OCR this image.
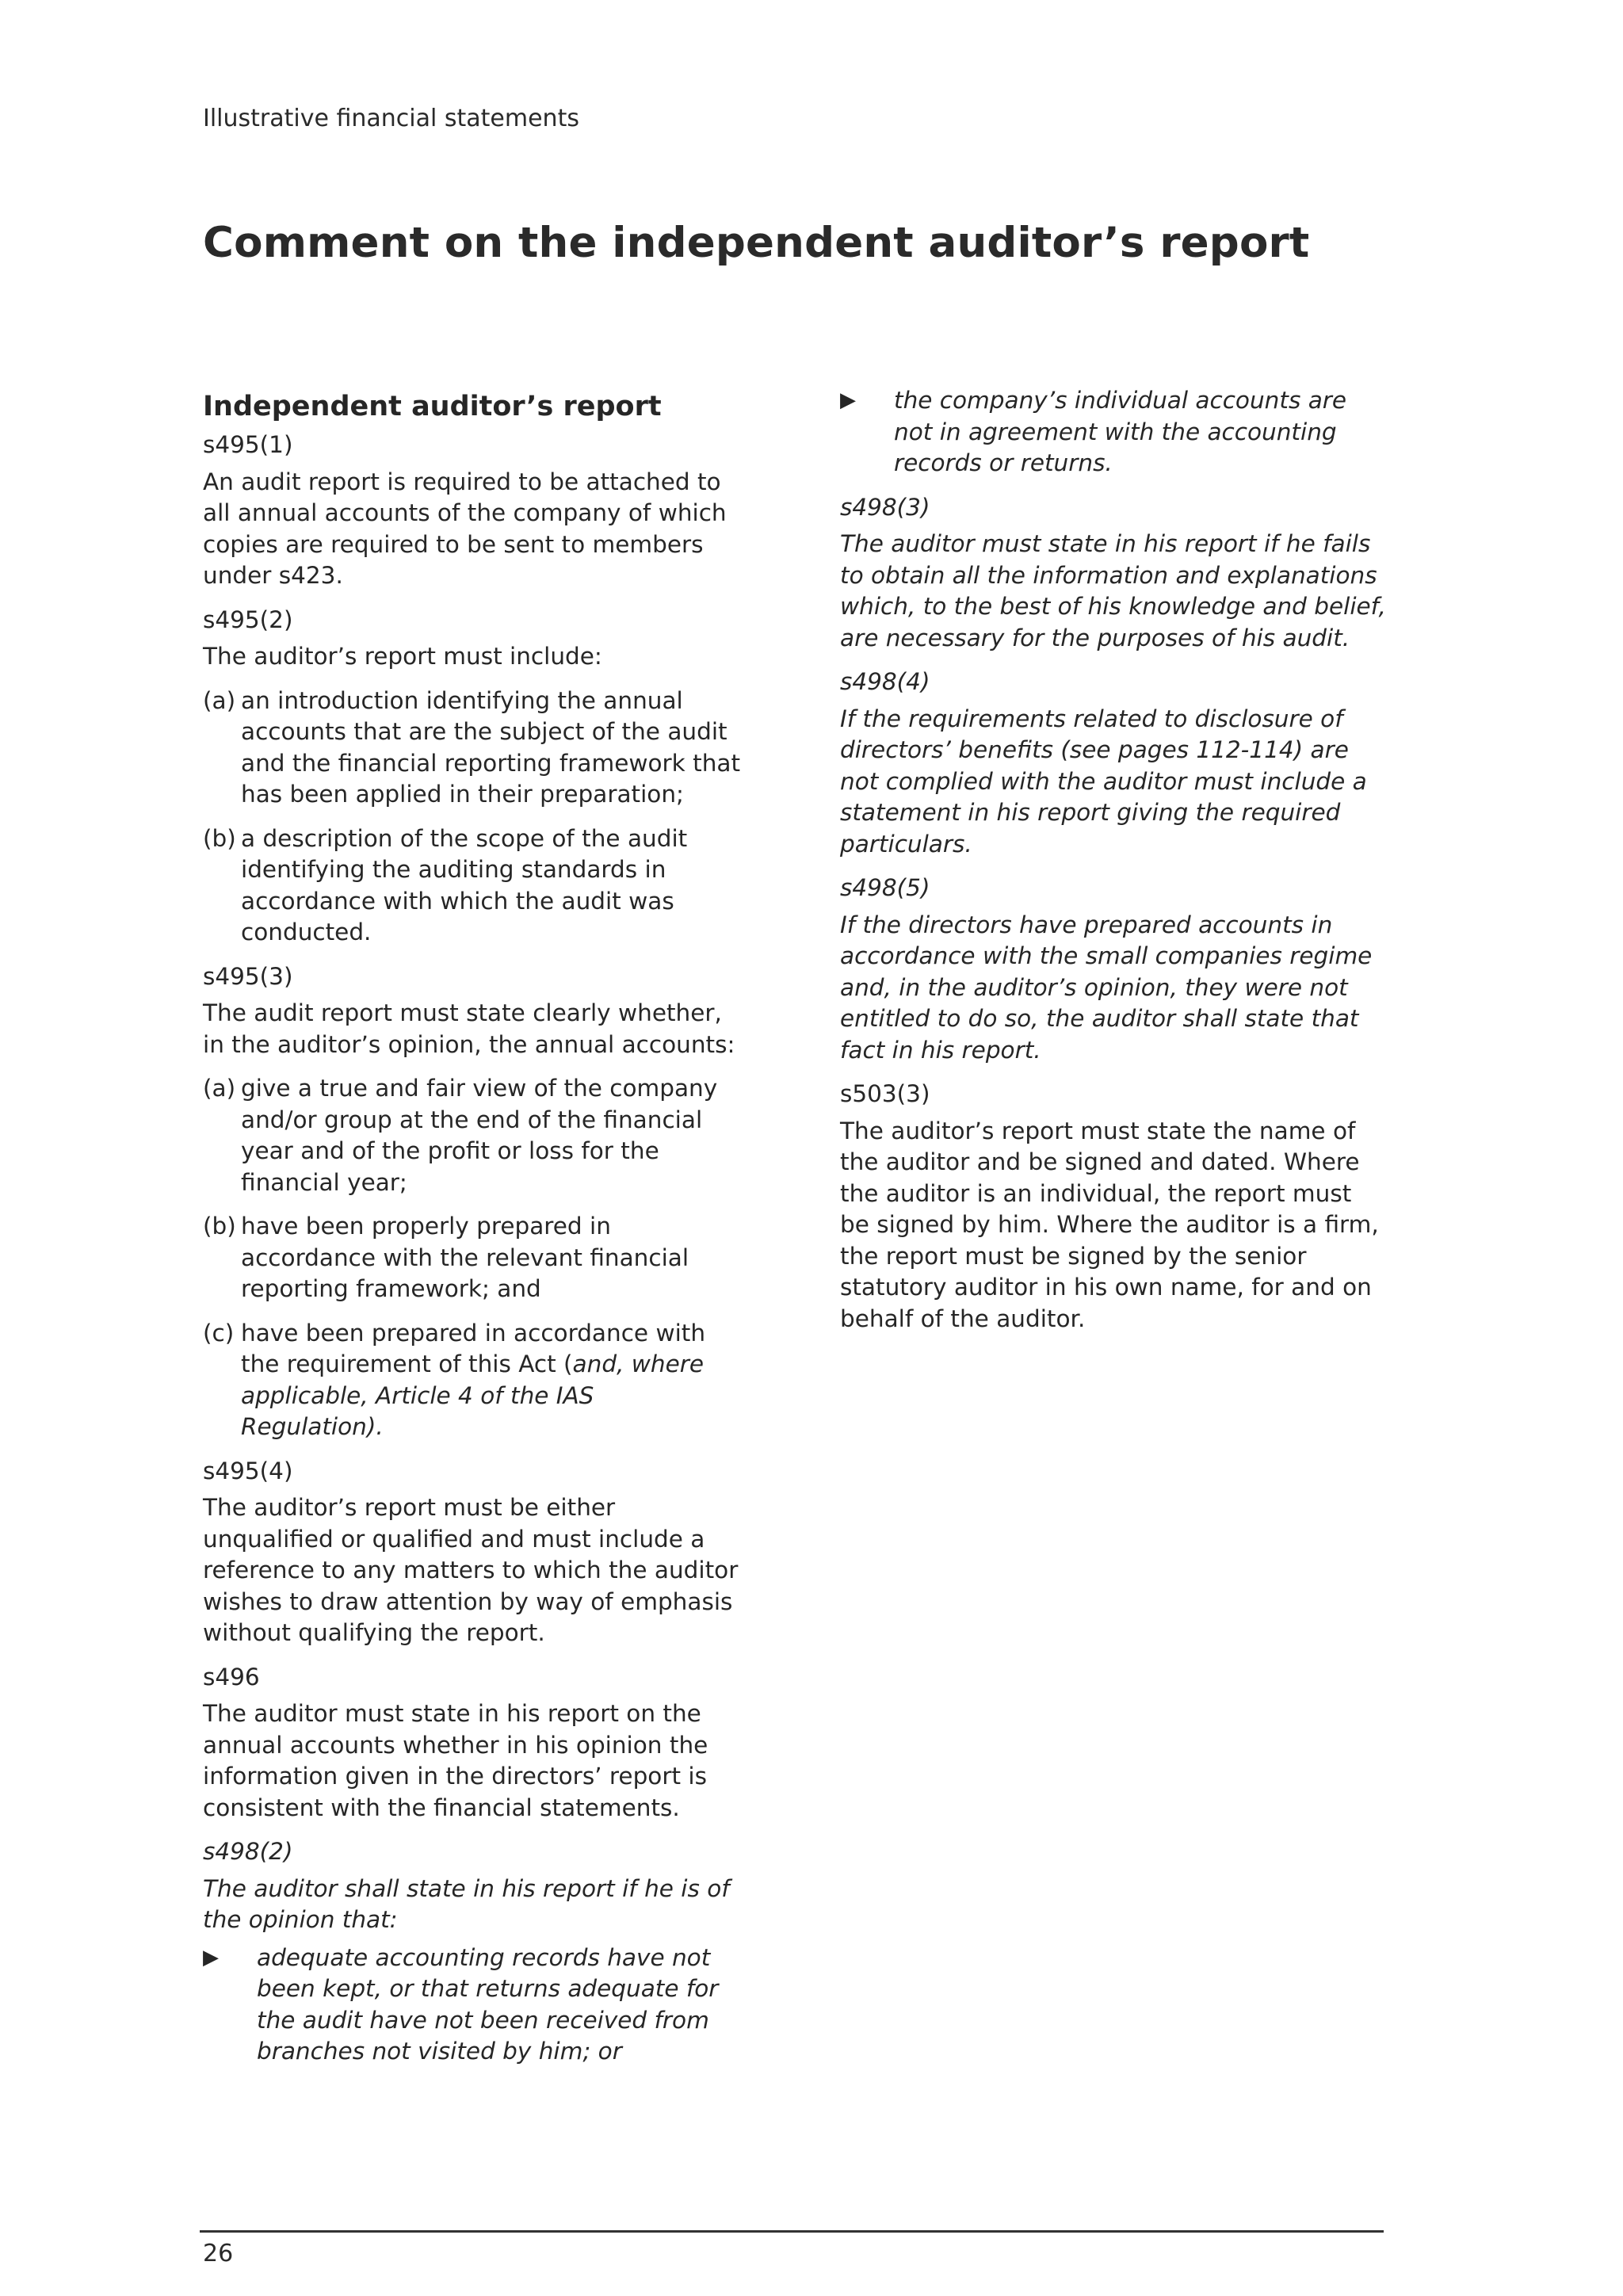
Illustrative financial statements
Comment on the independent auditor’s report
Independent auditor’s report
s495(1)

An audit report is required to be attached to all annual accounts of the company of which copies are required to be sent to members under s423.

s495(2)

The auditor’s report must include:

(a) an introduction identifying the annual accounts that are the subject of the audit and the financial reporting framework that has been applied in their preparation;
(b) a description of the scope of the audit identifying the auditing standards in accordance with which the audit was conducted.
s495(3)

The audit report must state clearly whether, in the auditor’s opinion, the annual accounts:

(a) give a true and fair view of the company and/or group at the end of the financial year and of the profit or loss for the financial year;
(b) have been properly prepared in accordance with the relevant financial reporting framework; and
(c) have been prepared in accordance with the requirement of this Act (and, where applicable, Article 4 of the IAS Regulation).
s495(4)

The auditor’s report must be either unqualified or qualified and must include a reference to any matters to which the auditor wishes to draw attention by way of emphasis without qualifying the report.

s496

The auditor must state in his report on the annual accounts whether in his opinion the information given in the directors’ report is consistent with the financial statements.

s498(2)

The auditor shall state in his report if he is of the opinion that:

▶	adequate accounting records have not been kept, or that returns adequate for the audit have not been received from branches not visited by him; or
▶	the company’s individual accounts are not in agreement with the accounting records or returns.
s498(3)

The auditor must state in his report if he fails to obtain all the information and explanations which, to the best of his knowledge and belief, are necessary for the purposes of his audit.

s498(4)

If the requirements related to disclosure of directors’ benefits (see pages 112-114) are not complied with the auditor must include a statement in his report giving the required particulars.

s498(5)

If the directors have prepared accounts in accordance with the small companies regime and, in the auditor’s opinion, they were not entitled to do so, the auditor shall state that fact in his report.

s503(3)

The auditor’s report must state the name of the auditor and be signed and dated. Where the auditor is an individual, the report must be signed by him. Where the auditor is a firm, the report must be signed by the senior statutory auditor in his own name, for and on behalf of the auditor.

26
